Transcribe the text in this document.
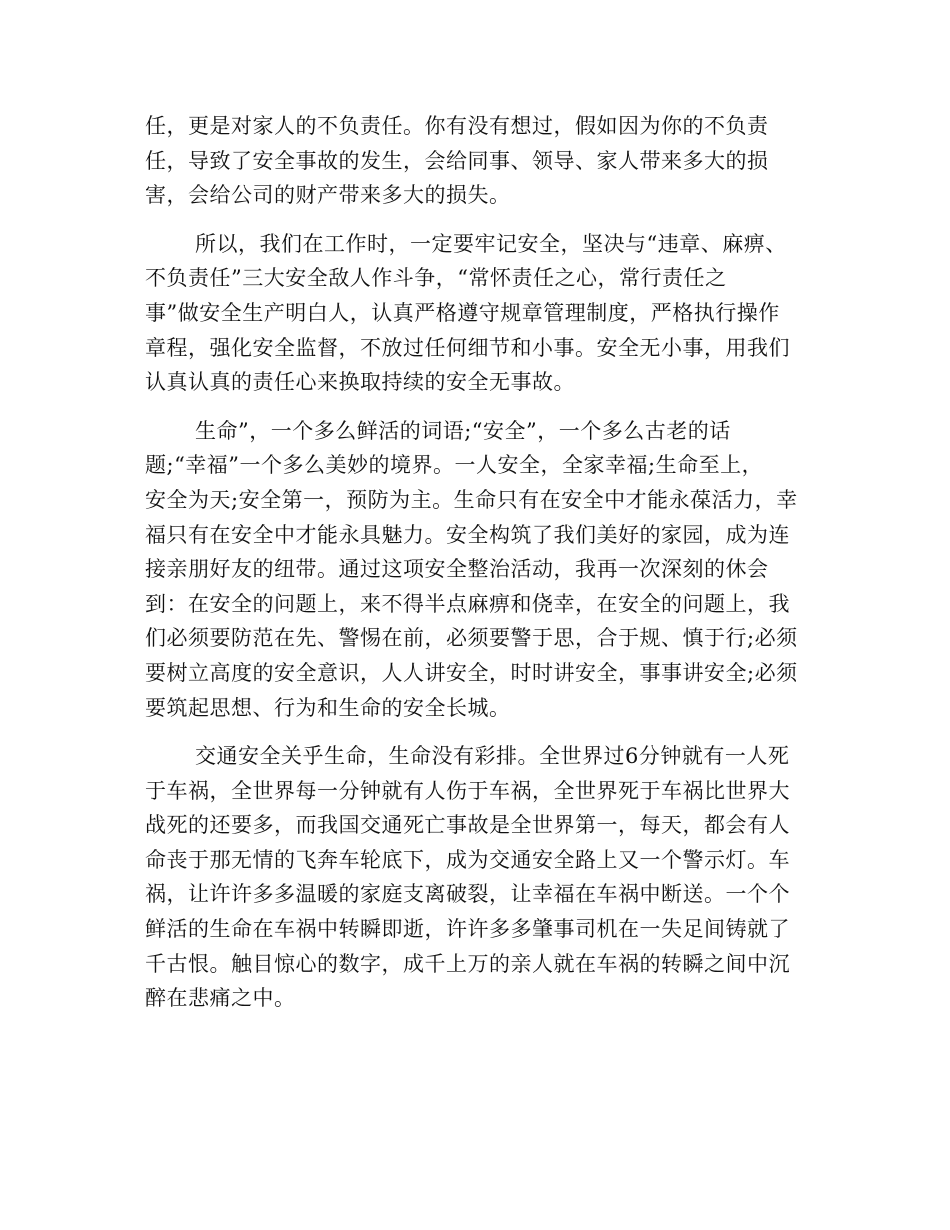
任，更是对家人的不负责任。你有没有想过，假如因为你的不负责
任，导致了安全事故的发生，会给同事、领导、家人带来多大的损
害，会给公司的财产带来多大的损失。

所以，我们在工作时，一定要牢记安全，坚决与“违章、麻痹、
不负责任”三大安全敌人作斗争，“常怀责任之心，常行责任之
事”做安全生产明白人，认真严格遵守规章管理制度，严格执行操作
章程，强化安全监督，不放过任何细节和小事。安全无小事，用我们
认真认真的责任心来换取持续的安全无事故。

生命”，一个多么鲜活的词语;“安全”，一个多么古老的话
题;“幸福”一个多么美妙的境界。一人安全，全家幸福;生命至上，
安全为天;安全第一，预防为主。生命只有在安全中才能永葆活力，幸
福只有在安全中才能永具魅力。安全构筑了我们美好的家园，成为连
接亲朋好友的纽带。通过这项安全整治活动，我再一次深刻的休会
到：在安全的问题上，来不得半点麻痹和侥幸，在安全的问题上，我
们必须要防范在先、警惕在前，必须要警于思，合于规、慎于行;必须
要树立高度的安全意识，人人讲安全，时时讲安全，事事讲安全;必须
要筑起思想、行为和生命的安全长城。

交通安全关乎生命，生命没有彩排。全世界过6分钟就有一人死
于车祸，全世界每一分钟就有人伤于车祸，全世界死于车祸比世界大
战死的还要多，而我国交通死亡事故是全世界第一，每天，都会有人
命丧于那无情的飞奔车轮底下，成为交通安全路上又一个警示灯。车
祸，让许许多多温暖的家庭支离破裂，让幸福在车祸中断送。一个个
鲜活的生命在车祸中转瞬即逝，许许多多肇事司机在一失足间铸就了
千古恨。触目惊心的数字，成千上万的亲人就在车祸的转瞬之间中沉
醉在悲痛之中。
